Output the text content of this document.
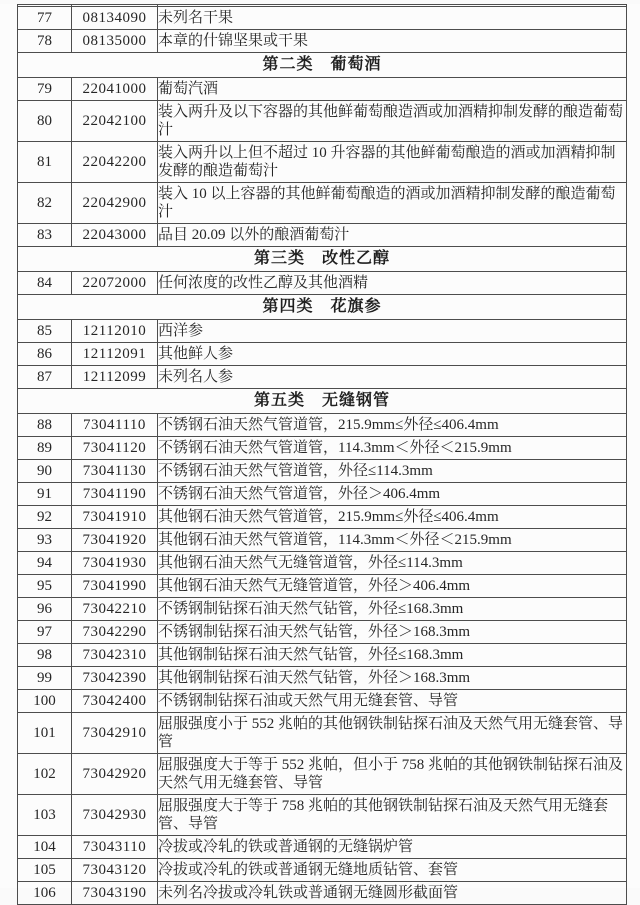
77	08134090	未列名干果
78	08135000	本章的什锦坚果或干果
第二类　葡萄酒		
79	22041000	葡萄汽酒
80	22042100	装入两升及以下容器的其他鲜葡萄酿造酒或加酒精抑制发酵的酿造葡萄汁
81	22042200	装入两升以上但不超过 10 升容器的其他鲜葡萄酿造的酒或加酒精抑制发酵的酿造葡萄汁
82	22042900	装入 10 以上容器的其他鲜葡萄酿造的酒或加酒精抑制发酵的酿造葡萄汁
83	22043000	品目 20.09 以外的酿酒葡萄汁
第三类　改性乙醇		
84	22072000	任何浓度的改性乙醇及其他酒精
第四类　花旗参		
85	12112010	西洋参
86	12112091	其他鲜人参
87	12112099	未列名人参
第五类　无缝钢管		
88	73041110	不锈钢石油天然气管道管，215.9mm≤外径≤406.4mm
89	73041120	不锈钢石油天然气管道管，114.3mm＜外径＜215.9mm
90	73041130	不锈钢石油天然气管道管，外径≤114.3mm
91	73041190	不锈钢石油天然气管道管，外径＞406.4mm
92	73041910	其他钢石油天然气管道管，215.9mm≤外径≤406.4mm
93	73041920	其他钢石油天然气管道管，114.3mm＜外径＜215.9mm
94	73041930	其他钢石油天然气无缝管道管，外径≤114.3mm
95	73041990	其他钢石油天然气无缝管道管，外径＞406.4mm
96	73042210	不锈钢制钻探石油天然气钻管，外径≤168.3mm
97	73042290	不锈钢制钻探石油天然气钻管，外径＞168.3mm
98	73042310	其他钢制钻探石油天然气钻管，外径≤168.3mm
99	73042390	其他钢制钻探石油天然气钻管，外径＞168.3mm
100	73042400	不锈钢制钻探石油或天然气用无缝套管、导管
101	73042910	屈服强度小于 552 兆帕的其他钢铁制钻探石油及天然气用无缝套管、导管
102	73042920	屈服强度大于等于 552 兆帕，但小于 758 兆帕的其他钢铁制钻探石油及天然气用无缝套管、导管
103	73042930	屈服强度大于等于 758 兆帕的其他钢铁制钻探石油及天然气用无缝套管、导管
104	73043110	冷拔或冷轧的铁或普通钢的无缝锅炉管
105	73043120	冷拔或冷轧的铁或普通钢无缝地质钻管、套管
106	73043190	未列名冷拔或冷轧铁或普通钢无缝圆形截面管
